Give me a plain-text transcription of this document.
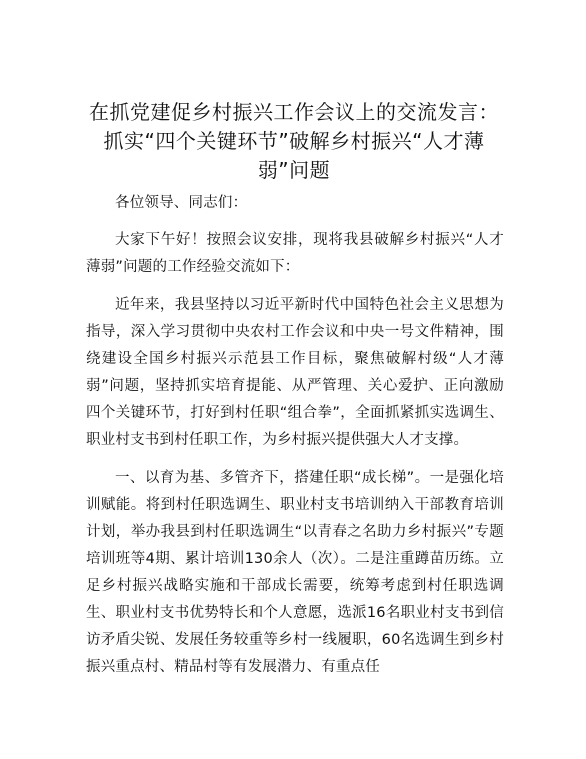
在抓党建促乡村振兴工作会议上的交流发言：
抓实“四个关键环节”破解乡村振兴“人才薄
弱”问题

各位领导、同志们：

大家下午好！按照会议安排，现将我县破解乡村振兴“人才薄弱”问题的工作经验交流如下：

近年来，我县坚持以习近平新时代中国特色社会主义思想为指导，深入学习贯彻中央农村工作会议和中央一号文件精神，围绕建设全国乡村振兴示范县工作目标，聚焦破解村级“人才薄弱”问题，坚持抓实培育提能、从严管理、关心爱护、正向激励四个关键环节，打好到村任职“组合拳”，全面抓紧抓实选调生、职业村支书到村任职工作，为乡村振兴提供强大人才支撑。

一、以育为基、多管齐下，搭建任职“成长梯”。一是强化培训赋能。将到村任职选调生、职业村支书培训纳入干部教育培训计划，举办我县到村任职选调生“以青春之名助力乡村振兴”专题培训班等4期、累计培训130余人（次）。二是注重蹲苗历练。立足乡村振兴战略实施和干部成长需要，统筹考虑到村任职选调生、职业村支书优势特长和个人意愿，选派16名职业村支书到信访矛盾尖锐、发展任务较重等乡村一线履职，60名选调生到乡村振兴重点村、精品村等有发展潜力、有重点任
